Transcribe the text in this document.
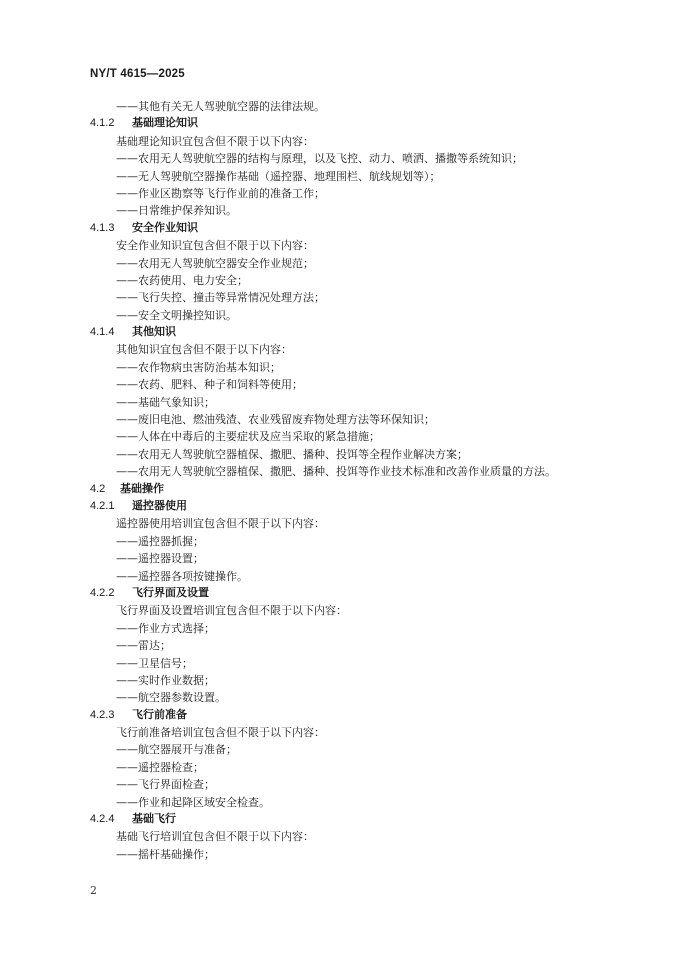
NY/T 4615—2025
——其他有关无人驾驶航空器的法律法规。
4.1.2 基础理论知识
基础理论知识宜包含但不限于以下内容：
——农用无人驾驶航空器的结构与原理，以及飞控、动力、喷洒、播撒等系统知识；
——无人驾驶航空器操作基础（遥控器、地理围栏、航线规划等）；
——作业区勘察等飞行作业前的准备工作；
——日常维护保养知识。
4.1.3 安全作业知识
安全作业知识宜包含但不限于以下内容：
——农用无人驾驶航空器安全作业规范；
——农药使用、电力安全；
——飞行失控、撞击等异常情况处理方法；
——安全文明操控知识。
4.1.4 其他知识
其他知识宜包含但不限于以下内容：
——农作物病虫害防治基本知识；
——农药、肥料、种子和饲料等使用；
——基础气象知识；
——废旧电池、燃油残渣、农业残留废弃物处理方法等环保知识；
——人体在中毒后的主要症状及应当采取的紧急措施；
——农用无人驾驶航空器植保、撒肥、播种、投饵等全程作业解决方案；
——农用无人驾驶航空器植保、撒肥、播种、投饵等作业技术标准和改善作业质量的方法。
4.2 基础操作
4.2.1 遥控器使用
遥控器使用培训宜包含但不限于以下内容：
——遥控器抓握；
——遥控器设置；
——遥控器各项按键操作。
4.2.2 飞行界面及设置
飞行界面及设置培训宜包含但不限于以下内容：
——作业方式选择；
——雷达；
——卫星信号；
——实时作业数据；
——航空器参数设置。
4.2.3 飞行前准备
飞行前准备培训宜包含但不限于以下内容：
——航空器展开与准备；
——遥控器检查；
——飞行界面检查；
——作业和起降区域安全检查。
4.2.4 基础飞行
基础飞行培训宜包含但不限于以下内容：
——摇杆基础操作；
2
